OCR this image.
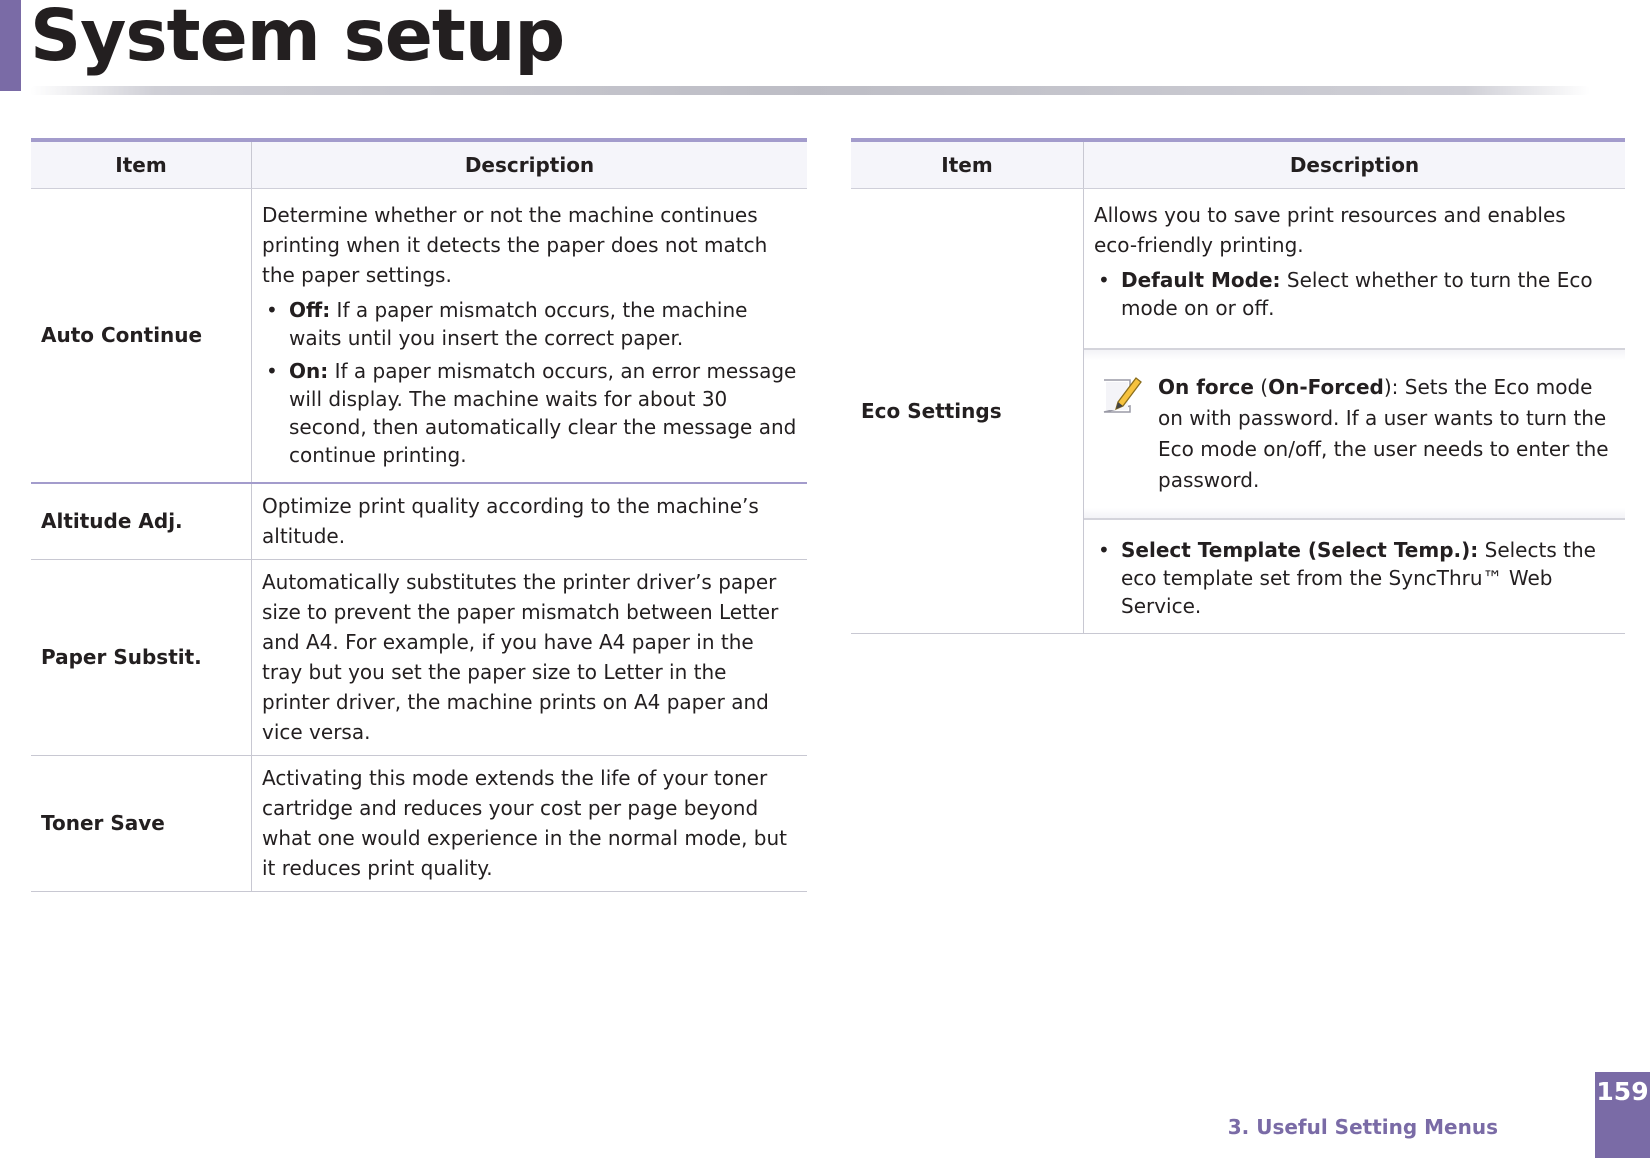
System setup
Item	Description
Auto Continue	Determine whether or not the machine continues printing when it detects the paper does not match the paper settings.
• Off: If a paper mismatch occurs, the machine waits until you insert the correct paper.
• On: If a paper mismatch occurs, an error message will display. The machine waits for about 30 second, then automatically clear the message and continue printing.

Altitude Adj.	Optimize print quality according to the machine’s altitude.
Paper Substit.	Automatically substitutes the printer driver’s paper size to prevent the paper mismatch between Letter and A4. For example, if you have A4 paper in the tray but you set the paper size to Letter in the printer driver, the machine prints on A4 paper and vice versa.
Toner Save	Activating this mode extends the life of your toner cartridge and reduces your cost per page beyond what one would experience in the normal mode, but it reduces print quality.
Item	Description
Eco Settings	Allows you to save print resources and enables eco-friendly printing.
• Default Mode: Select whether to turn the Eco mode on or off.
On force (On-Forced): Sets the Eco mode on with password. If a user wants to turn the Eco mode on/off, the user needs to enter the password.
• Select Template (Select Temp.): Selects the eco template set from the SyncThru™ Web Service.
3. Useful Setting Menus
159
